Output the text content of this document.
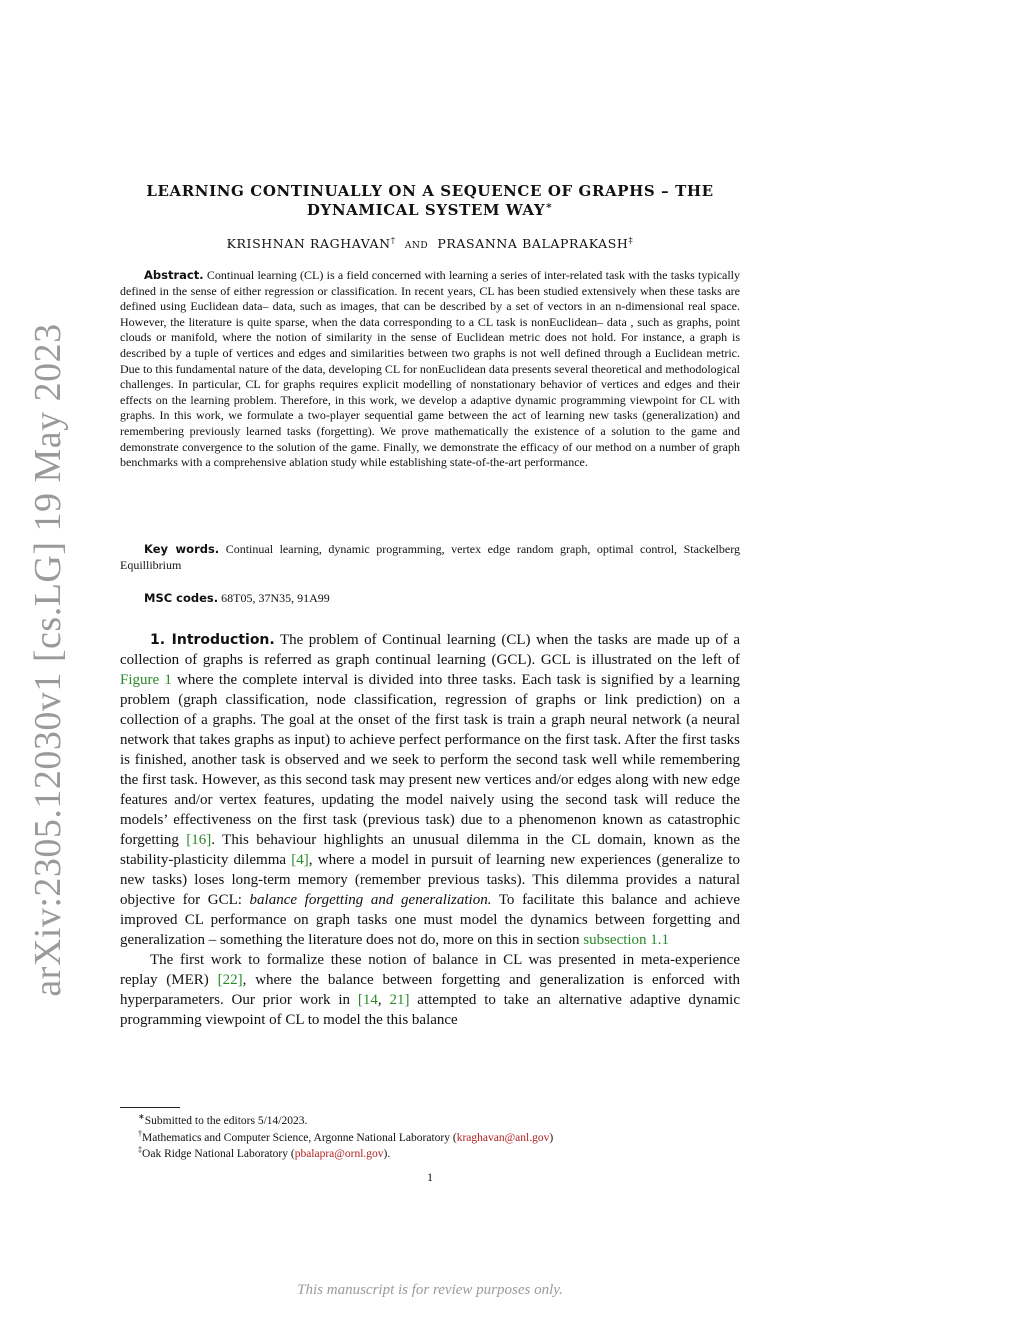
arXiv:2305.12030v1 [cs.LG] 19 May 2023
LEARNING CONTINUALLY ON A SEQUENCE OF GRAPHS – THE
DYNAMICAL SYSTEM WAY∗
KRISHNAN RAGHAVAN† and PRASANNA BALAPRAKASH‡
Abstract. Continual learning (CL) is a field concerned with learning a series of inter-related task with the tasks typically defined in the sense of either regression or classification. In recent years, CL has been studied extensively when these tasks are defined using Euclidean data– data, such as images, that can be described by a set of vectors in an n-dimensional real space. However, the literature is quite sparse, when the data corresponding to a CL task is nonEuclidean– data , such as graphs, point clouds or manifold, where the notion of similarity in the sense of Euclidean metric does not hold. For instance, a graph is described by a tuple of vertices and edges and similarities between two graphs is not well defined through a Euclidean metric. Due to this fundamental nature of the data, developing CL for nonEuclidean data presents several theoretical and methodological challenges. In particular, CL for graphs requires explicit modelling of nonstationary behavior of vertices and edges and their effects on the learning problem. Therefore, in this work, we develop a adaptive dynamic programming viewpoint for CL with graphs. In this work, we formulate a two-player sequential game between the act of learning new tasks (generalization) and remembering previously learned tasks (forgetting). We prove mathematically the existence of a solution to the game and demonstrate convergence to the solution of the game. Finally, we demonstrate the efficacy of our method on a number of graph benchmarks with a comprehensive ablation study while establishing state-of-the-art performance.
Key words. Continual learning, dynamic programming, vertex edge random graph, optimal control, Stackelberg Equillibrium
MSC codes. 68T05, 37N35, 91A99

1. Introduction. The problem of Continual learning (CL) when the tasks are made up of a collection of graphs is referred as graph continual learning (GCL). GCL is illustrated on the left of Figure 1 where the complete interval is divided into three tasks. Each task is signified by a learning problem (graph classification, node classification, regression of graphs or link prediction) on a collection of a graphs. The goal at the onset of the first task is train a graph neural network (a neural network that takes graphs as input) to achieve perfect performance on the first task. After the first tasks is finished, another task is observed and we seek to perform the second task well while remembering the first task. However, as this second task may present new vertices and/or edges along with new edge features and/or vertex features, updating the model naively using the second task will reduce the models’ effectiveness on the first task (previous task) due to a phenomenon known as catastrophic forgetting [16]. This behaviour highlights an unusual dilemma in the CL domain, known as the stability-plasticity dilemma [4], where a model in pursuit of learning new experiences (generalize to new tasks) loses long-term memory (remember previous tasks). This dilemma provides a natural objective for GCL: balance forgetting and generalization. To facilitate this balance and achieve improved CL performance on graph tasks one must model the dynamics between forgetting and generalization – something the literature does not do, more on this in section subsection 1.1

The first work to formalize these notion of balance in CL was presented in meta-experience replay (MER) [22], where the balance between forgetting and generalization is enforced with hyperparameters. Our prior work in [14, 21] attempted to take an alternative adaptive dynamic programming viewpoint of CL to model the this balance

∗Submitted to the editors 5/14/2023.
†Mathematics and Computer Science, Argonne National Laboratory (kraghavan@anl.gov)
‡Oak Ridge National Laboratory (pbalapra@ornl.gov).
1
This manuscript is for review purposes only.
